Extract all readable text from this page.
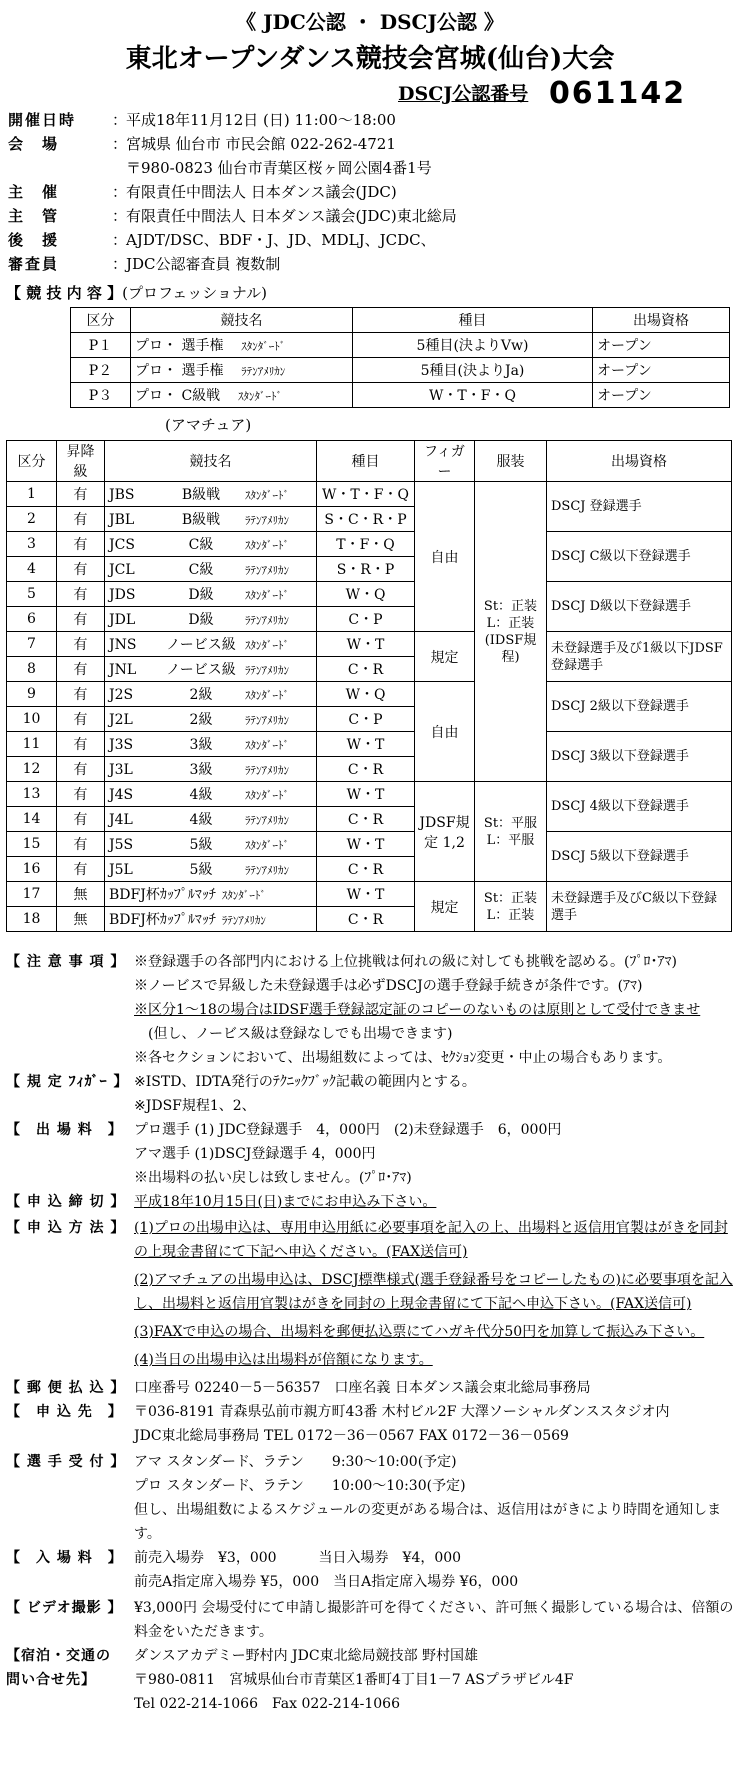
《 JDC公認 ・ DSCJ公認 》
東北オープンダンス競技会宮城(仙台)大会
DSCJ公認番号 061142
開催日時 ：平成18年11月12日 (日) 11:00～18:00
会　場	：宮城県 仙台市 市民会館 022-262-4721
〒980-0823 仙台市青葉区桜ヶ岡公園4番1号
主　催	：有限責任中間法人 日本ダンス議会(JDC)
主　管	：有限責任中間法人 日本ダンス議会(JDC)東北総局
後　援	：AJDT/DSC、BDF・J、JD、MDLJ、JCDC、
審査員	：JDC公認審査員 複数制
【 競 技 内 容 】(プロフェッショナル)
区分	競技名	種目	出場資格
P１	プロ・ 選手権 ｽﾀﾝﾀﾞｰﾄﾞ	5種目(決よりVw)	オープン
P２	プロ・ 選手権 ﾗﾃﾝｱﾒﾘｶﾝ	5種目(決よりJa)	オープン
P３	プロ・ C級戦 ｽﾀﾝﾀﾞｰﾄﾞ	W・T・F・Q	オープン
(アマチュア)
区分	昇降級	競技名	種目	フィガー	服装	出場資格
1	有	JBS B級戦 ｽﾀﾝﾀﾞｰﾄﾞ	W・T・F・Q	自由	St：正装 L：正装 (IDSF規程)	DSCJ 登録選手
2	有	JBL B級戦 ﾗﾃﾝｱﾒﾘｶﾝ	S・C・R・P			
3	有	JCS C級 ｽﾀﾝﾀﾞｰﾄﾞ	T・F・Q			DSCJ C級以下登録選手
4	有	JCL C級 ﾗﾃﾝｱﾒﾘｶﾝ	S・R・P			
5	有	JDS D級 ｽﾀﾝﾀﾞｰﾄﾞ	W・Q			DSCJ D級以下登録選手
6	有	JDL D級 ﾗﾃﾝｱﾒﾘｶﾝ	C・P			
7	有	JNS ノービス級 ｽﾀﾝﾀﾞｰﾄﾞ	W・T	規定		未登録選手及び1級以下JDSF登録選手
8	有	JNL ノービス級 ﾗﾃﾝｱﾒﾘｶﾝ	C・R			
9	有	J2S 2級 ｽﾀﾝﾀﾞｰﾄﾞ	W・Q	自由		DSCJ 2級以下登録選手
10	有	J2L 2級 ﾗﾃﾝｱﾒﾘｶﾝ	C・P			
11	有	J3S 3級 ｽﾀﾝﾀﾞｰﾄﾞ	W・T			DSCJ 3級以下登録選手
12	有	J3L 3級 ﾗﾃﾝｱﾒﾘｶﾝ	C・R			
13	有	J4S 4級 ｽﾀﾝﾀﾞｰﾄﾞ	W・T	JDSF規定 1,2	St：平服 L：平服	DSCJ 4級以下登録選手
14	有	J4L 4級 ﾗﾃﾝｱﾒﾘｶﾝ	C・R			
15	有	J5S 5級 ｽﾀﾝﾀﾞｰﾄﾞ	W・T			DSCJ 5級以下登録選手
16	有	J5L 5級 ﾗﾃﾝｱﾒﾘｶﾝ	C・R			
17	無	BDFJ杯ｶｯﾌﾟﾙﾏｯﾁ ｽﾀﾝﾀﾞｰﾄﾞ	W・T	規定	St：正装 L：正装	未登録選手及びC級以下登録選手
18	無	BDFJ杯ｶｯﾌﾟﾙﾏｯﾁ ﾗﾃﾝｱﾒﾘｶﾝ	C・R			
【 注 意 事 項 】 ※登録選手の各部門内における上位挑戦は何れの級に対しても挑戦を認める。(ﾌﾟﾛ･ｱﾏ)
※ノービスで昇級した未登録選手は必ずDSCJの選手登録手続きが条件です。(ｱﾏ)
※区分1～18の場合はIDSF選手登録認定証のコピーのないものは原則として受付できませ
(但し、ノービス級は登録なしでも出場できます)
※各セクションにおいて、出場組数によっては、ｾｸｼｮﾝ変更・中止の場合もあります。
【 規 定 ﾌｨｶﾞｰ 】 ※ISTD、IDTA発行のﾃｸﾆｯｸﾌﾞｯｸ記載の範囲内とする。
※JDSF規程1、2、
【　出 場 料　】 プロ選手 (1) JDC登録選手　4，000円　(2)未登録選手　6，000円
アマ選手 (1)DSCJ登録選手 4，000円
※出場料の払い戻しは致しません。(ﾌﾟﾛ･ｱﾏ)
【 申 込 締 切 】 平成18年10月15日(日)までにお申込み下さい。
【 申 込 方 法 】 (1)プロの出場申込は、専用申込用紙に必要事項を記入の上、出場料と返信用官製はがきを同封の上現金書留にて下記へ申込ください。(FAX送信可)
(2)アマチュアの出場申込は、DSCJ標準様式(選手登録番号をコピーしたもの)に必要事項を記入し、出場料と返信用官製はがきを同封の上現金書留にて下記へ申込下さい。(FAX送信可)
(3)FAXで申込の場合、出場料を郵便払込票にてハガキ代分50円を加算して振込み下さい。
(4)当日の出場申込は出場料が倍額になります。
【 郵 便 払 込 】 口座番号 02240－5－56357　口座名義 日本ダンス議会東北総局事務局
【　申 込 先　】 〒036-8191 青森県弘前市親方町43番 木村ビル2F 大澤ソーシャルダンススタジオ内
JDC東北総局事務局 TEL 0172－36－0567 FAX 0172－36－0569
【 選 手 受 付 】 アマ スタンダード、ラテン　　9:30～10:00(予定)
プロ スタンダード、ラテン　　10:00～10:30(予定)
但し、出場組数によるスケジュールの変更がある場合は、返信用はがきにより時間を通知します。
【　入 場 料　】 前売入場券　¥3，000　　　当日入場券　¥4，000
前売A指定席入場券 ¥5，000　当日A指定席入場券 ¥6，000
【 ビデオ撮影 】 ¥3,000円 会場受付にて申請し撮影許可を得てください、許可無く撮影している場合は、倍額の料金をいただきます。
【宿泊・交通の	ダンスアカデミー野村内 JDC東北総局競技部 野村国雄
問い合せ先】	〒980-0811　宮城県仙台市青葉区1番町4丁目1－7 ASプラザビル4F
Tel 022-214-1066　Fax 022-214-1066
